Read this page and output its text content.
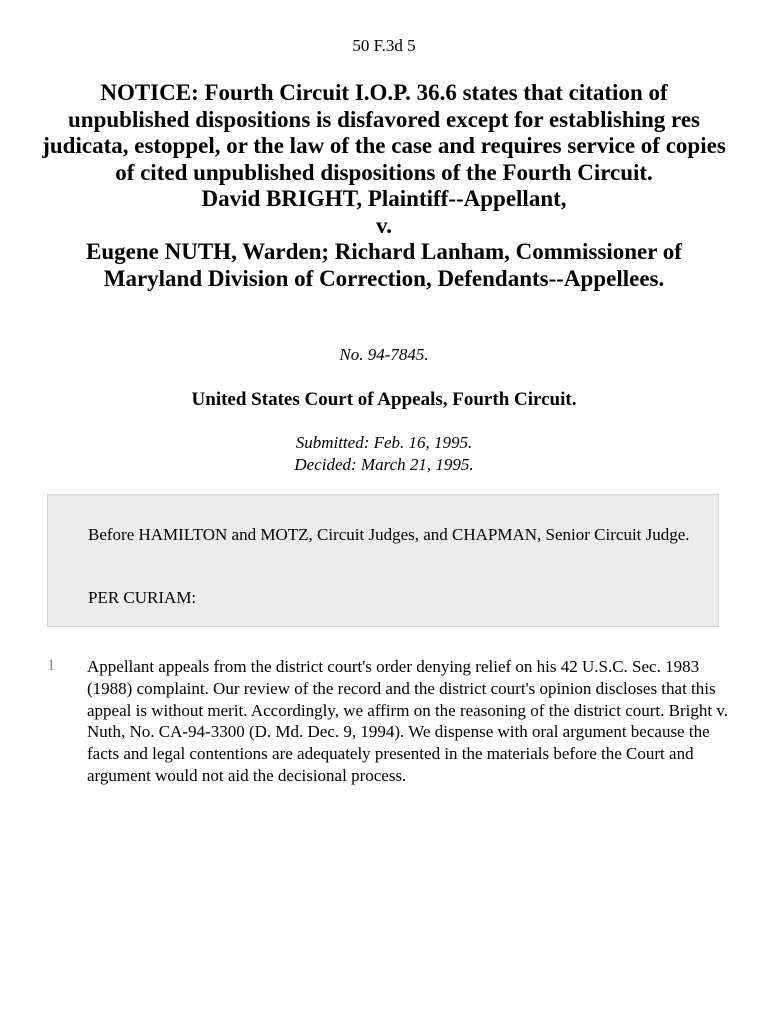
50 F.3d 5
NOTICE: Fourth Circuit I.O.P. 36.6 states that citation of unpublished dispositions is disfavored except for establishing res judicata, estoppel, or the law of the case and requires service of copies of cited unpublished dispositions of the Fourth Circuit.
David BRIGHT, Plaintiff--Appellant,
v.
Eugene NUTH, Warden; Richard Lanham, Commissioner of Maryland Division of Correction, Defendants--Appellees.
No. 94-7845.
United States Court of Appeals, Fourth Circuit.
Submitted: Feb. 16, 1995.
Decided: March 21, 1995.
Before HAMILTON and MOTZ, Circuit Judges, and CHAPMAN, Senior Circuit Judge.
PER CURIAM:
1 Appellant appeals from the district court's order denying relief on his 42 U.S.C. Sec. 1983 (1988) complaint. Our review of the record and the district court's opinion discloses that this appeal is without merit. Accordingly, we affirm on the reasoning of the district court. Bright v. Nuth, No. CA-94-3300 (D. Md. Dec. 9, 1994). We dispense with oral argument because the facts and legal contentions are adequately presented in the materials before the Court and argument would not aid the decisional process.
